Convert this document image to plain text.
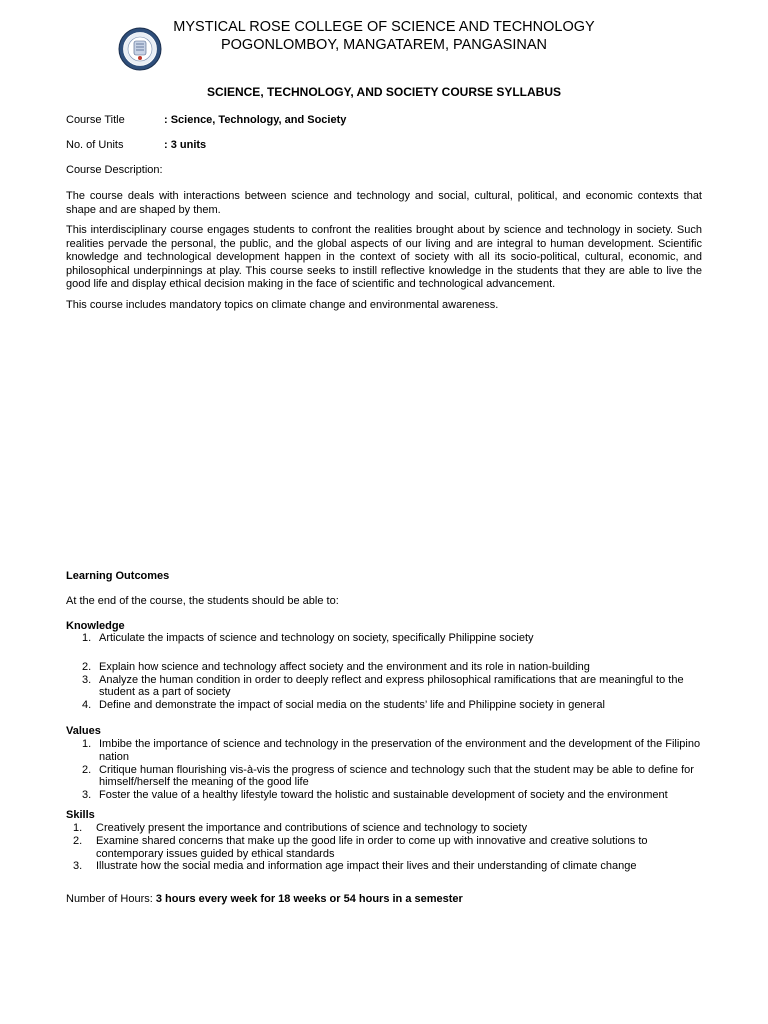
MYSTICAL ROSE COLLEGE OF SCIENCE AND TECHNOLOGY
POGONLOMBOY, MANGATAREM, PANGASINAN
SCIENCE, TECHNOLOGY, AND SOCIETY COURSE SYLLABUS
Course Title	: Science, Technology, and Society
No. of Units	: 3 units
Course Description:

The course deals with interactions between science and technology and social, cultural, political, and economic contexts that shape and are shaped by them.

This interdisciplinary course engages students to confront the realities brought about by science and technology in society. Such realities pervade the personal, the public, and the global aspects of our living and are integral to human development. Scientific knowledge and technological development happen in the context of society with all its socio-political, cultural, economic, and philosophical underpinnings at play. This course seeks to instill reflective knowledge in the students that they are able to live the good life and display ethical decision making in the face of scientific and technological advancement.

This course includes mandatory topics on climate change and environmental awareness.

Learning Outcomes
At the end of the course, the students should be able to:
Knowledge
1. Articulate the impacts of science and technology on society, specifically Philippine society
2. Explain how science and technology affect society and the environment and its role in nation-building
3. Analyze the human condition in order to deeply reflect and express philosophical ramifications that are meaningful to the student as a part of society
4. Define and demonstrate the impact of social media on the students’ life and Philippine society in general
Values
1. Imbibe the importance of science and technology in the preservation of the environment and the development of the Filipino nation
2. Critique human flourishing vis-à-vis the progress of science and technology such that the student may be able to define for himself/herself the meaning of the good life
3. Foster the value of a healthy lifestyle toward the holistic and sustainable development of society and the environment
Skills
1. Creatively present the importance and contributions of science and technology to society
2. Examine shared concerns that make up the good life in order to come up with innovative and creative solutions to contemporary issues guided by ethical standards
3. Illustrate how the social media and information age impact their lives and their understanding of climate change
Number of Hours: 3 hours every week for 18 weeks or 54 hours in a semester
